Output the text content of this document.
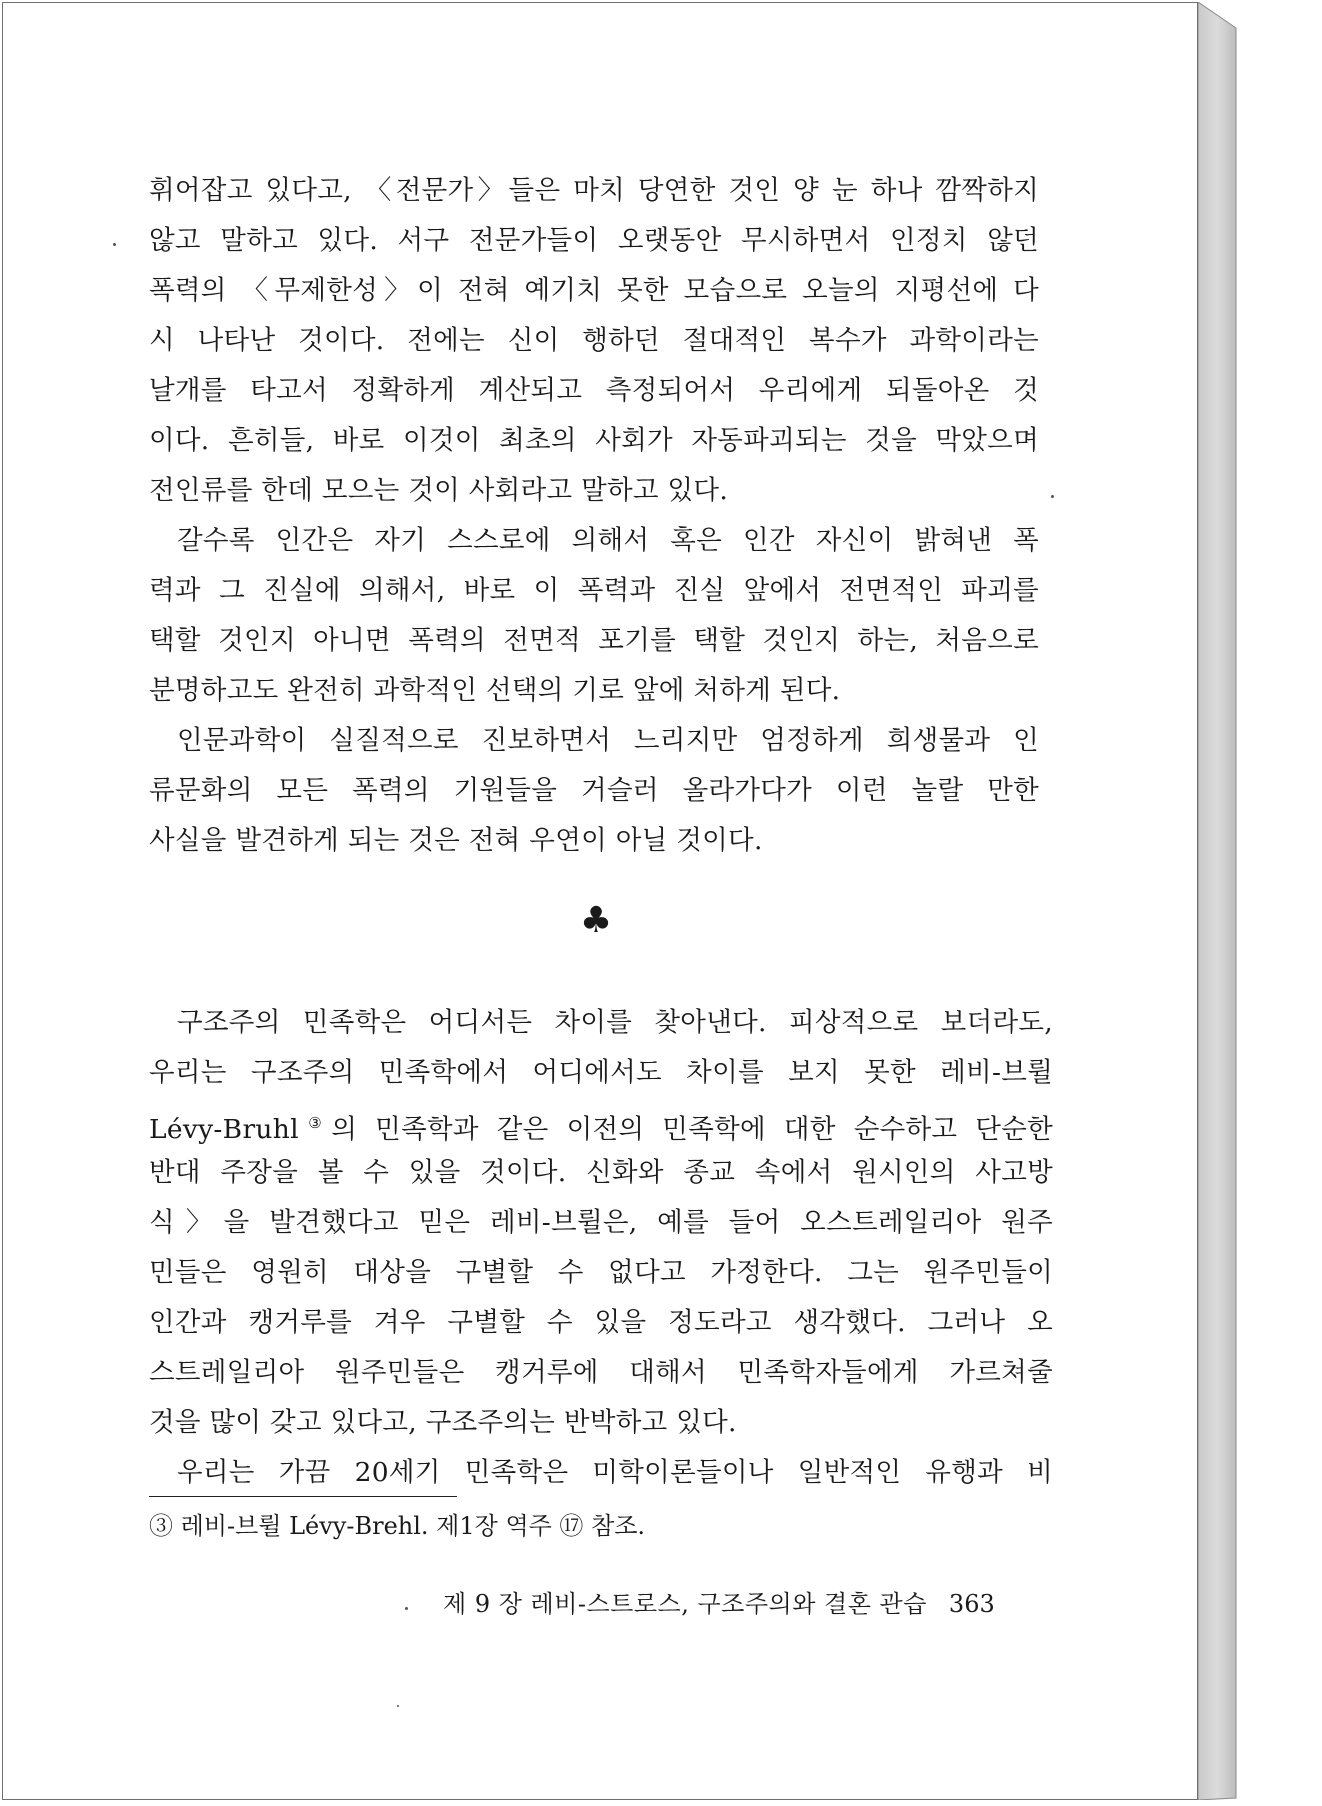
휘어잡고 있다고, 〈전문가〉들은 마치 당연한 것인 양 눈 하나 깜짝하지
않고 말하고 있다. 서구 전문가들이 오랫동안 무시하면서 인정치 않던
폭력의 〈무제한성〉이 전혀 예기치 못한 모습으로 오늘의 지평선에 다
시 나타난 것이다. 전에는 신이 행하던 절대적인 복수가 과학이라는
날개를 타고서 정확하게 계산되고 측정되어서 우리에게 되돌아온 것
이다. 흔히들, 바로 이것이 최초의 사회가 자동파괴되는 것을 막았으며
전인류를 한데 모으는 것이 사회라고 말하고 있다.
갈수록 인간은 자기 스스로에 의해서 혹은 인간 자신이 밝혀낸 폭
력과 그 진실에 의해서, 바로 이 폭력과 진실 앞에서 전면적인 파괴를
택할 것인지 아니면 폭력의 전면적 포기를 택할 것인지 하는, 처음으로
분명하고도 완전히 과학적인 선택의 기로 앞에 처하게 된다.
인문과학이 실질적으로 진보하면서 느리지만 엄정하게 희생물과 인
류문화의 모든 폭력의 기원들을 거슬러 올라가다가 이런 놀랄 만한
사실을 발견하게 되는 것은 전혀 우연이 아닐 것이다.
♣
구조주의 민족학은 어디서든 차이를 찾아낸다. 피상적으로 보더라도,
우리는 구조주의 민족학에서 어디에서도 차이를 보지 못한 레비-브륄
Lévy-Bruhl③의 민족학과 같은 이전의 민족학에 대한 순수하고 단순한
반대 주장을 볼 수 있을 것이다. 신화와 종교 속에서 원시인의 사고방
식〉을 발견했다고 믿은 레비-브륄은, 예를 들어 오스트레일리아 원주
민들은 영원히 대상을 구별할 수 없다고 가정한다. 그는 원주민들이
인간과 캥거루를 겨우 구별할 수 있을 정도라고 생각했다. 그러나 오
스트레일리아 원주민들은 캥거루에 대해서 민족학자들에게 가르쳐줄
것을 많이 갖고 있다고, 구조주의는 반박하고 있다.
우리는 가끔 20세기 민족학은 미학이론들이나 일반적인 유행과 비
③ 레비-브륄 Lévy-Brehl. 제1장 역주 ⑰ 참조.
제 9 장 레비-스트로스, 구조주의와 결혼 관습 363
